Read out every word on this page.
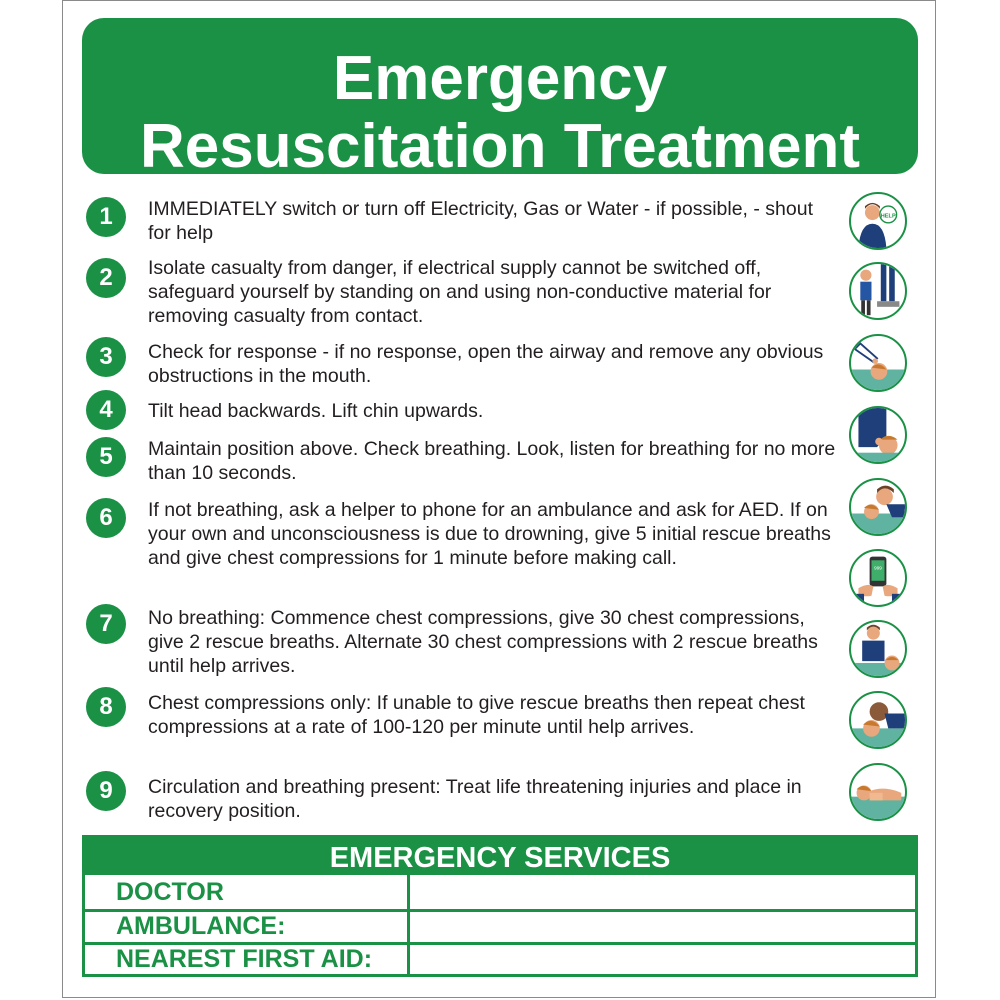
Emergency
Resuscitation Treatment
1	IMMEDIATELY switch or turn off Electricity, Gas or Water - if possible, - shout for help
2	Isolate casualty from danger, if electrical supply cannot be switched off, safeguard yourself by standing on and using non-conductive material for removing casualty from contact.
3	Check for response - if no response, open the airway and remove any obvious obstructions in the mouth.
4	Tilt head backwards. Lift chin upwards.
5	Maintain position above. Check breathing. Look, listen for breathing for no more than 10 seconds.
6	If not breathing, ask a helper to phone for an ambulance and ask for AED. If on your own and unconsciousness is due to drowning, give 5 initial rescue breaths and give chest compressions for 1 minute before making call.
7	No breathing: Commence chest compressions, give 30 chest compressions, give 2 rescue breaths. Alternate 30 chest compressions with 2 rescue breaths until help arrives.
8	Chest compressions only: If unable to give rescue breaths then repeat chest compressions at a rate of 100-120 per minute until help arrives.
9	Circulation and breathing present: Treat life threatening injuries and place in recovery position.
HELP
999
EMERGENCY SERVICES
DOCTOR
AMBULANCE:
NEAREST FIRST AID:
